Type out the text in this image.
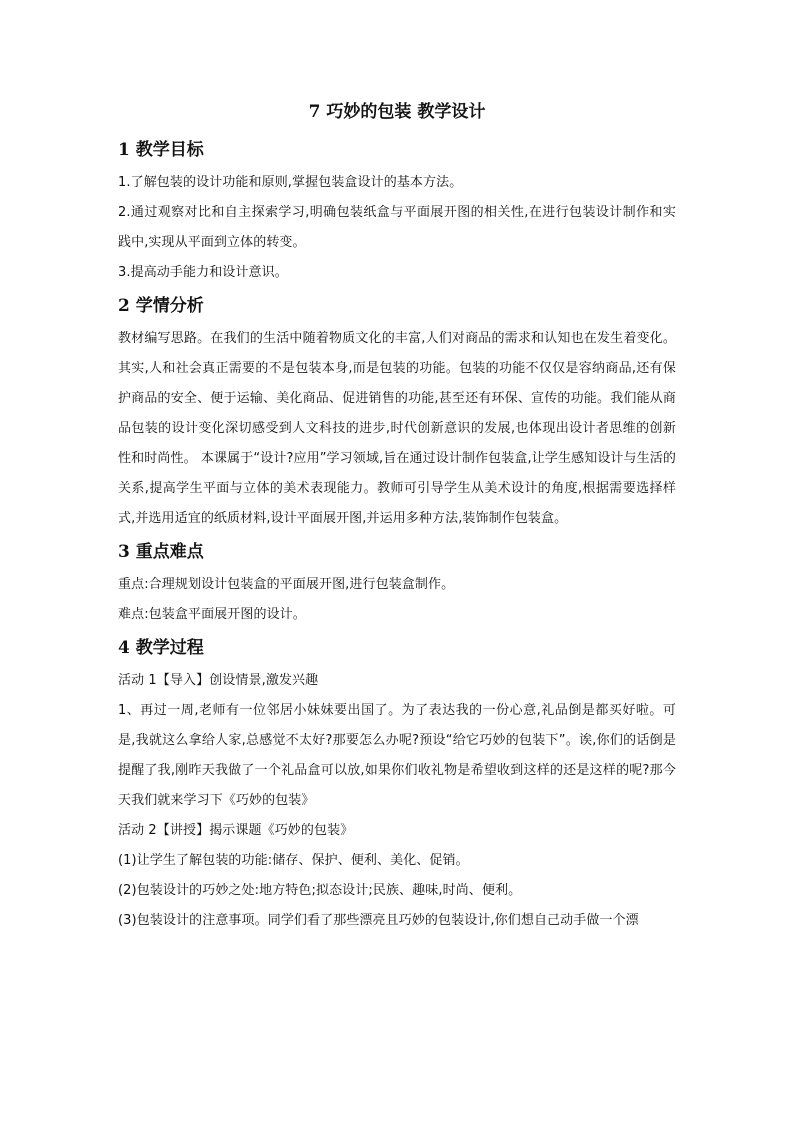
7 巧妙的包装 教学设计
1 教学目标

1.了解包装的设计功能和原则,掌握包装盒设计的基本方法。

2.通过观察对比和自主探索学习,明确包装纸盒与平面展开图的相关性,在进行包装设计制作和实践中,实现从平面到立体的转变。

3.提高动手能力和设计意识。

2 学情分析

教材编写思路。在我们的生活中随着物质文化的丰富,人们对商品的需求和认知也在发生着变化。其实,人和社会真正需要的不是包装本身,而是包装的功能。包装的功能不仅仅是容纳商品,还有保护商品的安全、便于运输、美化商品、促进销售的功能,甚至还有环保、宣传的功能。我们能从商品包装的设计变化深切感受到人文科技的进步,时代创新意识的发展,也体现出设计者思维的创新性和时尚性。 本课属于“设计?应用”学习领域,旨在通过设计制作包装盒,让学生感知设计与生活的关系,提高学生平面与立体的美术表现能力。教师可引导学生从美术设计的角度,根据需要选择样式,并选用适宜的纸质材料,设计平面展开图,并运用多种方法,装饰制作包装盒。

3 重点难点

重点:合理规划设计包装盒的平面展开图,进行包装盒制作。

难点:包装盒平面展开图的设计。

4 教学过程

活动 1【导入】创设情景,激发兴趣

1、再过一周,老师有一位邻居小妹妹要出国了。为了表达我的一份心意,礼品倒是都买好啦。可是,我就这么拿给人家,总感觉不太好?那要怎么办呢?预设“给它巧妙的包装下”。诶,你们的话倒是提醒了我,刚昨天我做了一个礼品盒可以放,如果你们收礼物是希望收到这样的还是这样的呢?那今天我们就来学习下《巧妙的包装》

活动 2【讲授】揭示课题《巧妙的包装》

(1)让学生了解包装的功能:储存、保护、便利、美化、促销。

(2)包装设计的巧妙之处:地方特色;拟态设计;民族、趣味,时尚、便利。

(3)包装设计的注意事项。同学们看了那些漂亮且巧妙的包装设计,你们想自己动手做一个漂
